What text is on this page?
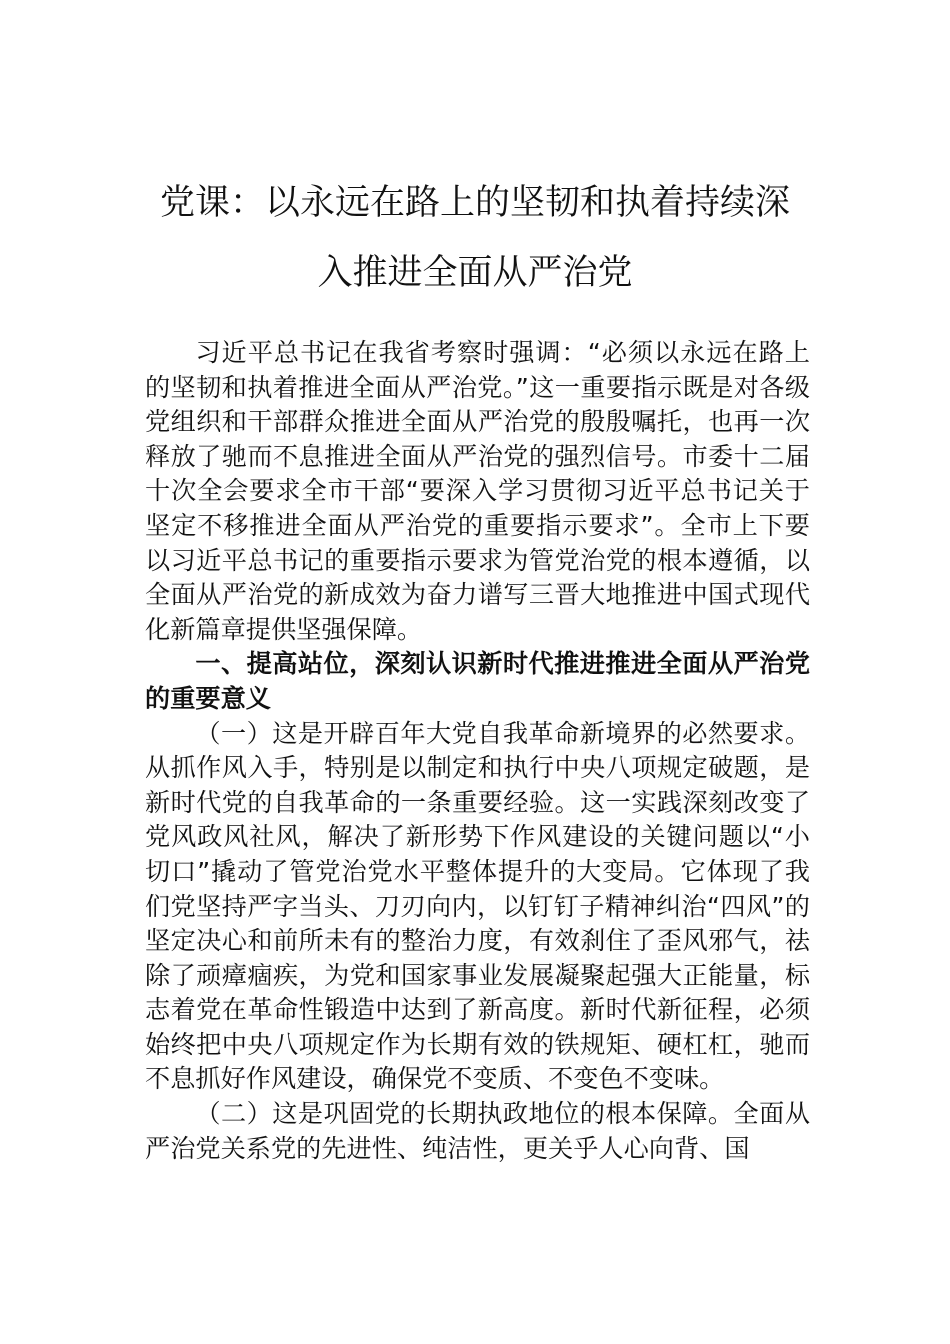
党课：以永远在路上的坚韧和执着持续深
入推进全面从严治党

习近平总书记在我省考察时强调：“必须以永远在路上的坚韧和执着推进全面从严治党。”这一重要指示既是对各级党组织和干部群众推进全面从严治党的殷殷嘱托，也再一次释放了驰而不息推进全面从严治党的强烈信号。市委十二届十次全会要求全市干部“要深入学习贯彻习近平总书记关于坚定不移推进全面从严治党的重要指示要求”。全市上下要以习近平总书记的重要指示要求为管党治党的根本遵循，以全面从严治党的新成效为奋力谱写三晋大地推进中国式现代化新篇章提供坚强保障。

一、提高站位，深刻认识新时代推进推进全面从严治党的重要意义

（一）这是开辟百年大党自我革命新境界的必然要求。从抓作风入手，特别是以制定和执行中央八项规定破题，是新时代党的自我革命的一条重要经验。这一实践深刻改变了党风政风社风，解决了新形势下作风建设的关键问题以“小切口”撬动了管党治党水平整体提升的大变局。它体现了我们党坚持严字当头、刀刃向内，以钉钉子精神纠治“四风”的坚定决心和前所未有的整治力度，有效刹住了歪风邪气，祛除了顽瘴痼疾，为党和国家事业发展凝聚起强大正能量，标志着党在革命性锻造中达到了新高度。新时代新征程，必须始终把中央八项规定作为长期有效的铁规矩、硬杠杠，驰而不息抓好作风建设，确保党不变质、不变色不变味。

（二）这是巩固党的长期执政地位的根本保障。全面从严治党关系党的先进性、纯洁性，更关乎人心向背、国
